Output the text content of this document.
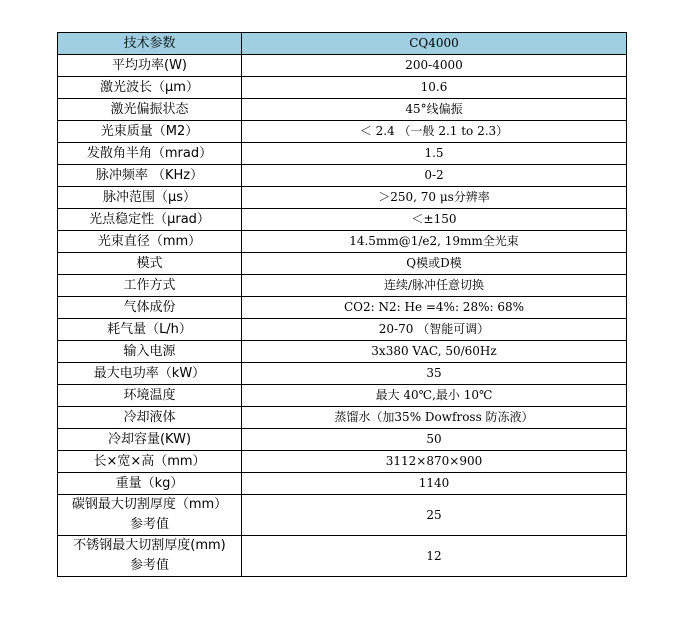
技术参数	CQ4000
平均功率(W)	200-4000
激光波长（μm）	10.6
激光偏振状态	45°线偏振
光束质量（M2）	＜ 2.4 （一般 2.1 to 2.3）
发散角半角（mrad）	1.5
脉冲频率 （KHz）	0-2
脉冲范围（μs）	＞250, 70 μs分辨率
光点稳定性（μrad）	＜±150
光束直径（mm）	14.5mm@1/e2, 19mm全光束
模式	Q模或D模
工作方式	连续/脉冲任意切换
气体成份	CO2: N2: He =4%: 28%: 68%
耗气量（L/h）	20-70 （智能可调）
输入电源	3x380 VAC, 50/60Hz
最大电功率（kW）	35
环境温度	最大 40℃,最小 10℃
冷却液体	蒸馏水（加35% Dowfross 防冻液）
冷却容量(KW)	50
长×宽×高（mm）	3112×870×900
重量（kg）	1140

碳钢最大切割厚度（mm）
参考值	25

不锈钢最大切割厚度(mm)
参考值	12
